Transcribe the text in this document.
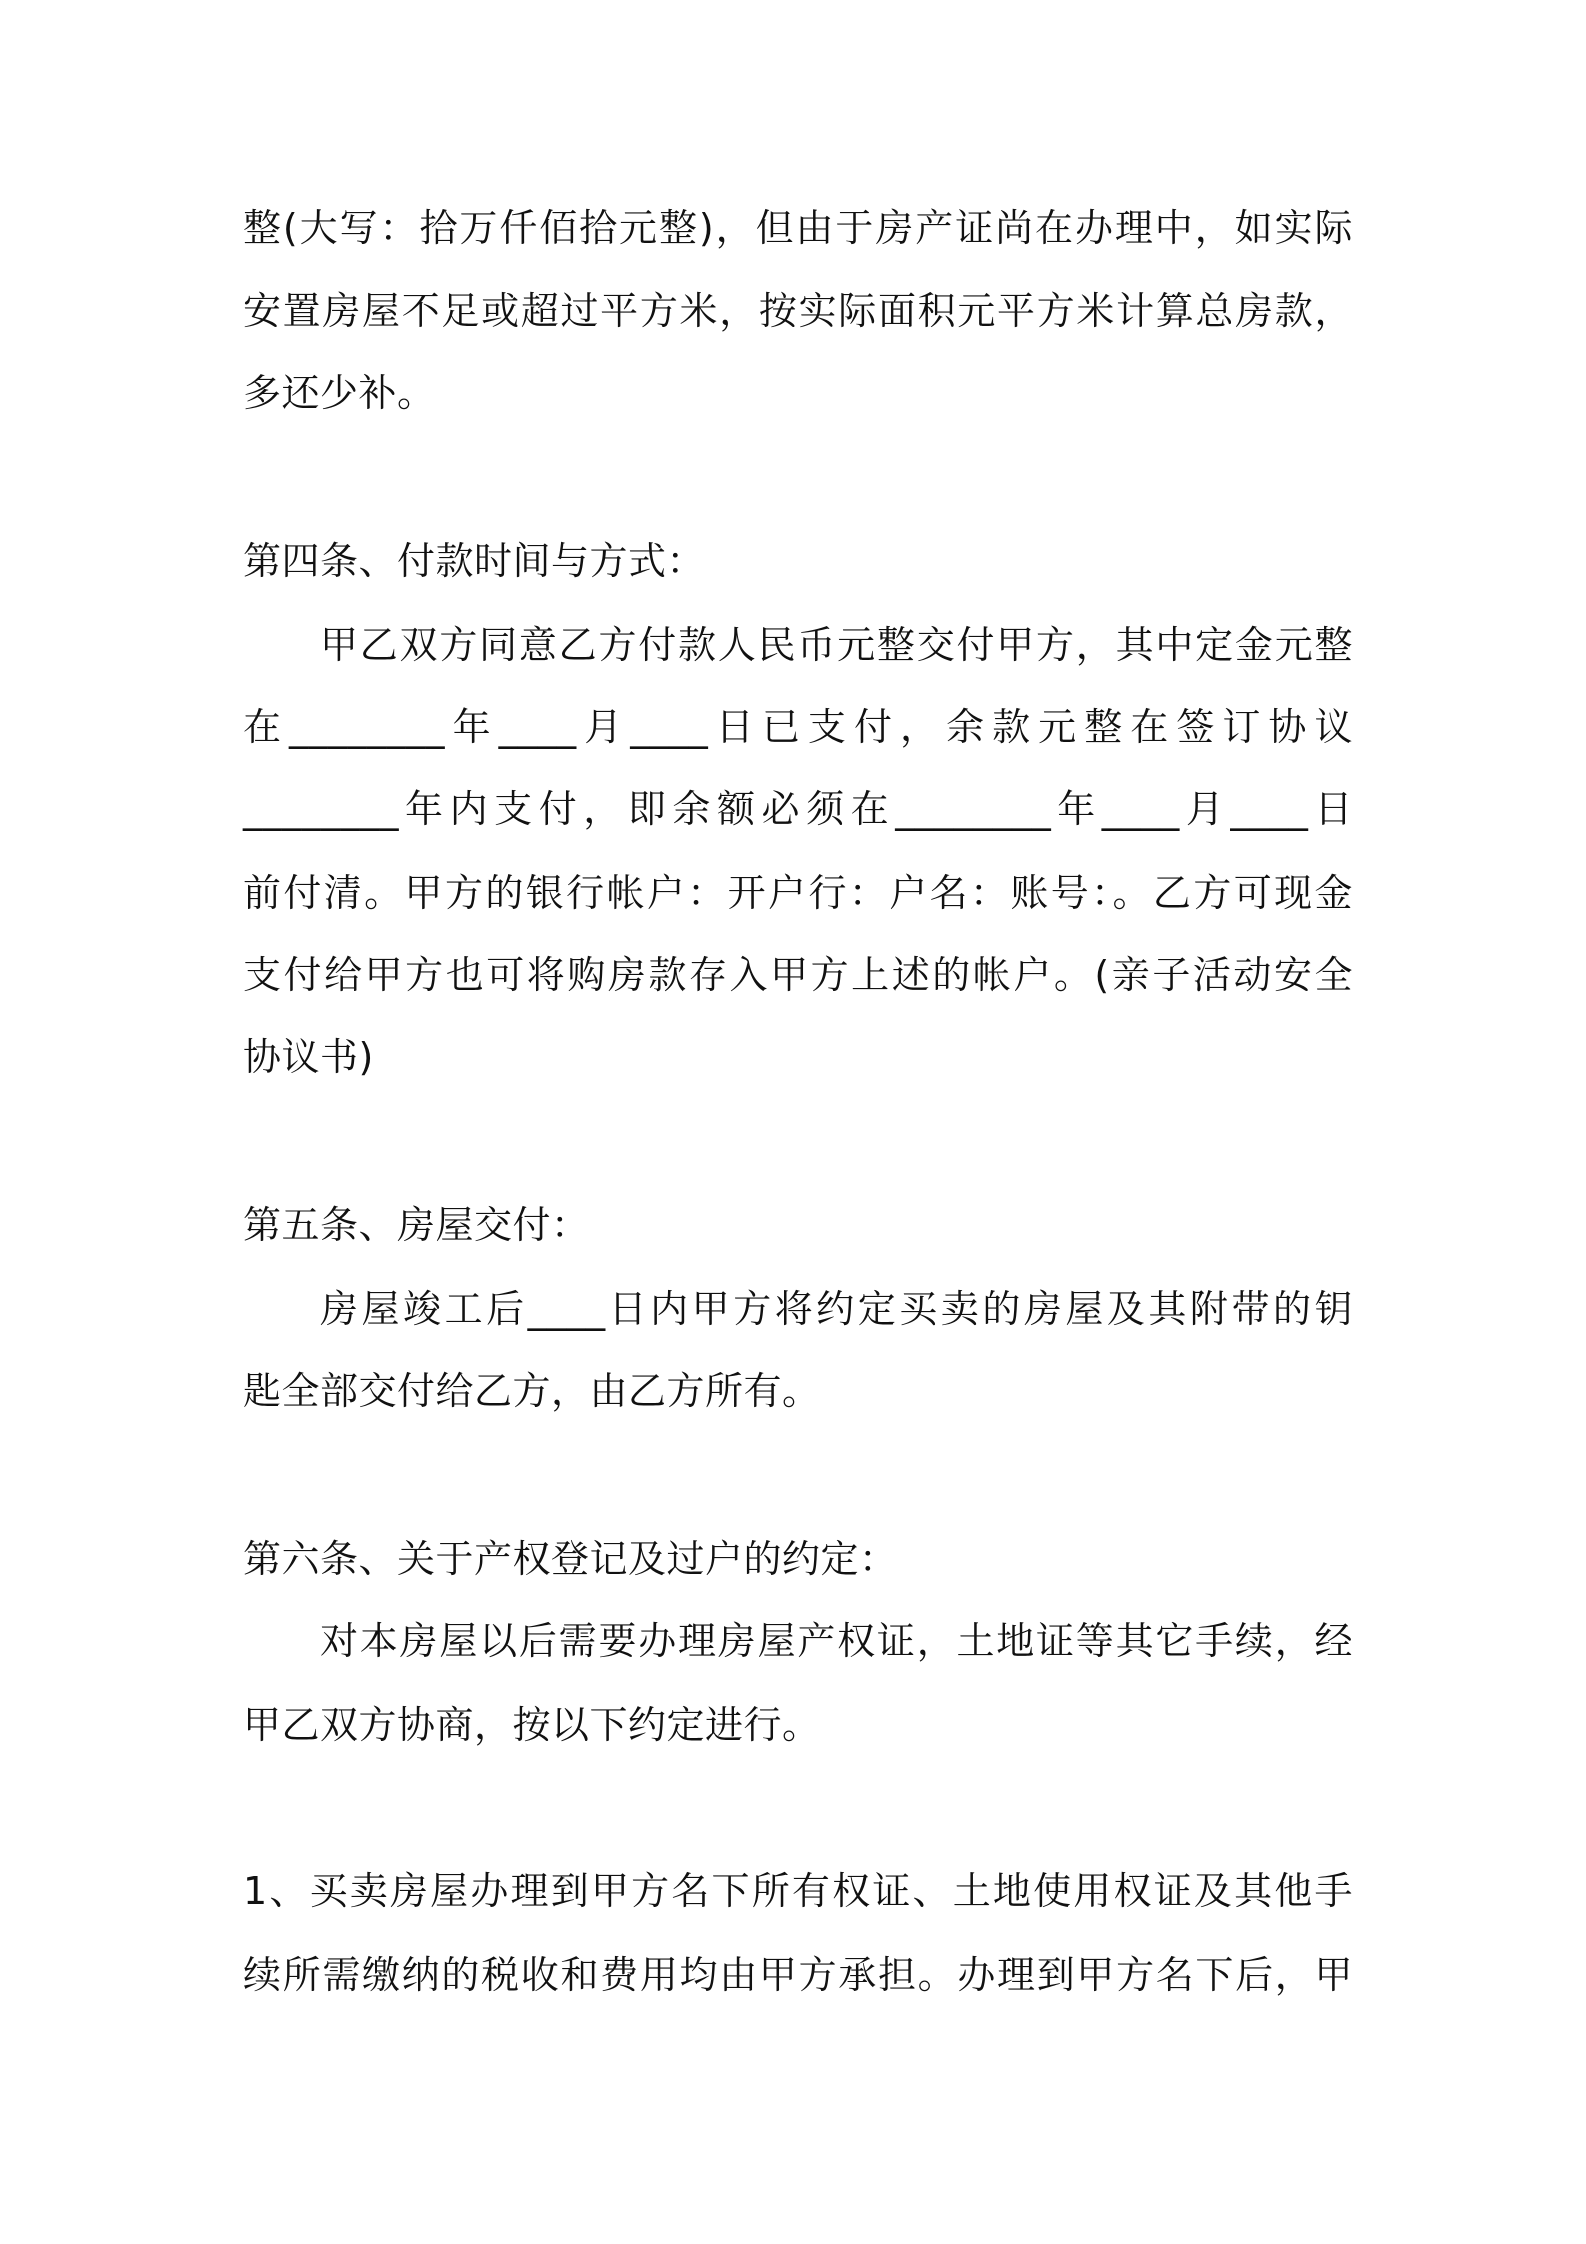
整(大写：拾万仟佰拾元整)，但由于房产证尚在办理中，如实际
安置房屋不足或超过平方米，按实际面积元平方米计算总房款，
多还少补。
第四条、付款时间与方式：
甲乙双方同意乙方付款人民币元整交付甲方，其中定金元整
在________年____月____日已支付，余款元整在签订协议
________年内支付，即余额必须在________年____月____日
前付清。甲方的银行帐户：开户行：户名：账号：。乙方可现金
支付给甲方也可将购房款存入甲方上述的帐户。(亲子活动安全
协议书)
第五条、房屋交付：
房屋竣工后____日内甲方将约定买卖的房屋及其附带的钥
匙全部交付给乙方，由乙方所有。
第六条、关于产权登记及过户的约定：
对本房屋以后需要办理房屋产权证，土地证等其它手续，经
甲乙双方协商，按以下约定进行。
1、买卖房屋办理到甲方名下所有权证、土地使用权证及其他手
续所需缴纳的税收和费用均由甲方承担。办理到甲方名下后，甲
